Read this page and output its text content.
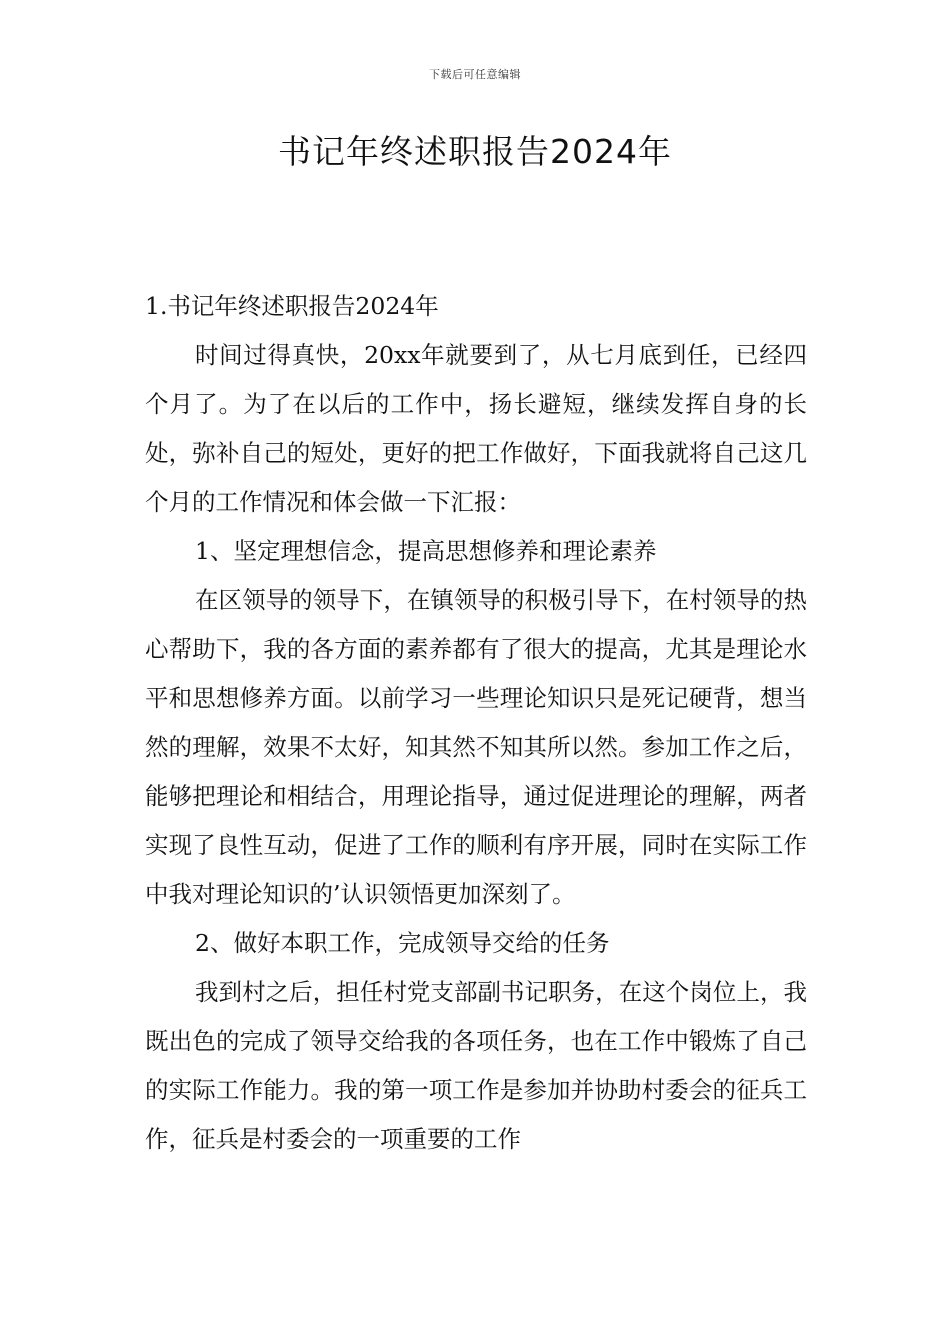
下载后可任意编辑
书记年终述职报告2024年

1.书记年终述职报告2024年

时间过得真快，20xx年就要到了，从七月底到任，已经四个月了。为了在以后的工作中，扬长避短，继续发挥自身的长处，弥补自己的短处，更好的把工作做好，下面我就将自己这几个月的工作情况和体会做一下汇报：

1、坚定理想信念，提高思想修养和理论素养

在区领导的领导下，在镇领导的积极引导下，在村领导的热心帮助下，我的各方面的素养都有了很大的提高，尤其是理论水平和思想修养方面。以前学习一些理论知识只是死记硬背，想当然的理解，效果不太好，知其然不知其所以然。参加工作之后，能够把理论和相结合，用理论指导，通过促进理论的理解，两者实现了良性互动，促进了工作的顺利有序开展，同时在实际工作中我对理论知识的’认识领悟更加深刻了。

2、做好本职工作，完成领导交给的任务

我到村之后，担任村党支部副书记职务，在这个岗位上，我既出色的完成了领导交给我的各项任务，也在工作中锻炼了自己的实际工作能力。我的第一项工作是参加并协助村委会的征兵工作，征兵是村委会的一项重要的工作
